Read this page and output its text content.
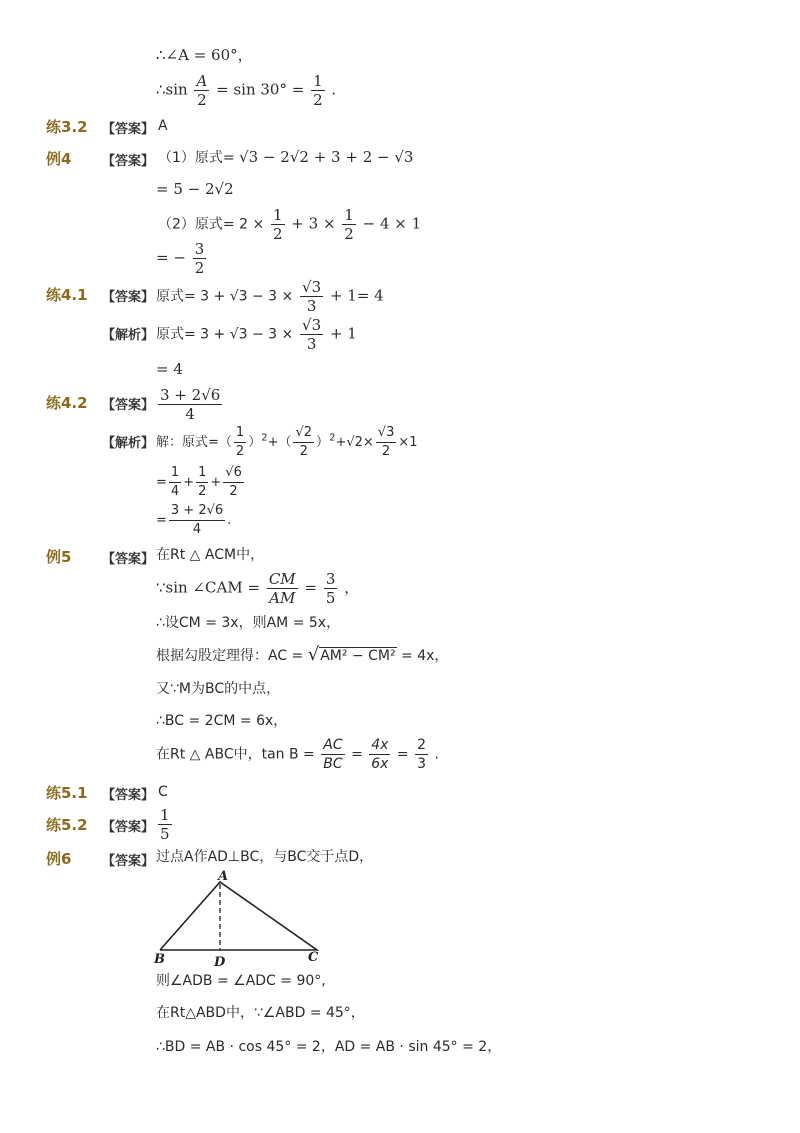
∴∠A = 60°，
∴sin $\frac{A}{2} = \sin 30^\circ = \frac{1}{2}$ .
练3.2 【答案】 A
例4 【答案】 （1）原式= √3 − 2√2 + 3 + 2 − √3
= 5 − 2√2
（2）原式= $2 \times \frac{1}{2} + 3 \times \frac{1}{2} - 4 \times 1$
= − $\frac{3}{2}$
练4.1 【答案】 原式= $3 + √3 - 3 \times \frac{√3}{3} + 1= 4$
【解析】 原式= $3 + √3 - 3 \times \frac{√3}{3} + 1$
= 4
练4.2 【答案】 $\frac{3 + 2√6}{4}$
【解析】 解：原式=（ $\frac{1}{2} )^2+( \frac{√2}{2} )^2+√2\times \frac{√3}{2} \times 1$
= $\frac{1}{4} + \frac{1}{2} + \frac{√6}{2}$
= $\frac{3 + 2√6}{4}$ .
例5 【答案】 在Rt △ ACM中，
∵sin ∠CAM = $\frac{CM}{AM} = \frac{3}{5}$ ，
∴设CM = 3x，则AM = 5x，
根据勾股定理得：AC = √AM² − CM² = 4x，
又∵M为BC的中点，
∴BC = 2CM = 6x，
在Rt △ ABC中，$\tan B = \frac{AC}{BC} = \frac{4x}{6x} = \frac{2}{3}$ .
练5.1 【答案】 C
练5.2 【答案】 $\frac{1}{5}$
例6 【答案】 过点A作AD⊥BC，与BC交于点D，
A
B	C
D
则∠ADB = ∠ADC = 90°,
在Rt△ABD中，∵∠ABD = 45°，
∴BD = AB · cos 45° = 2，AD = AB · sin 45° = 2，
